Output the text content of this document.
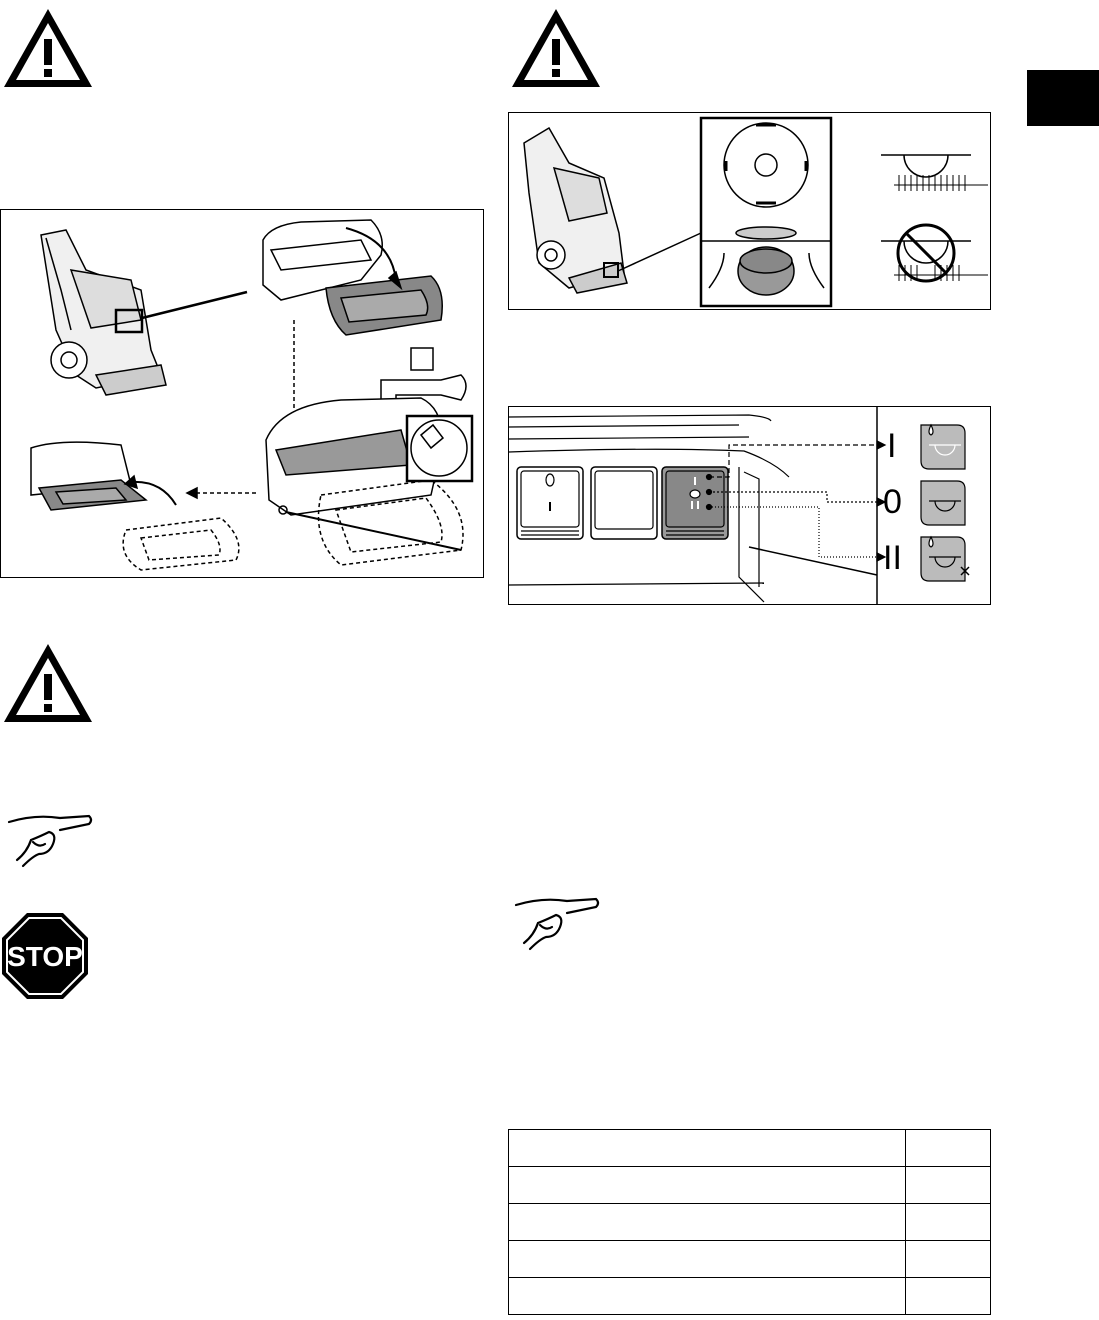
I
0
II
STOP
